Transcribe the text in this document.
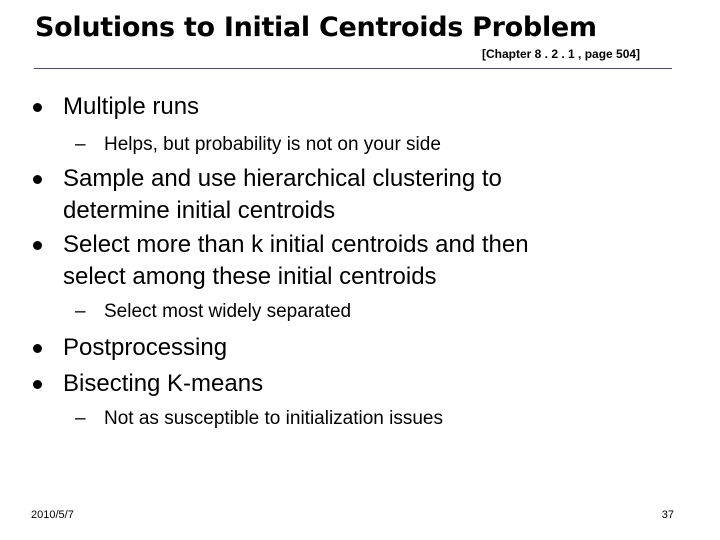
Solutions to Initial Centroids Problem
[Chapter 8 . 2 . 1 , page 504]
Multiple runs
– Helps, but probability is not on your side
Sample and use hierarchical clustering to
determine initial centroids
Select more than k initial centroids and then
select among these initial centroids
– Select most widely separated
Postprocessing
Bisecting K-means
– Not as susceptible to initialization issues
2010/5/7	37
